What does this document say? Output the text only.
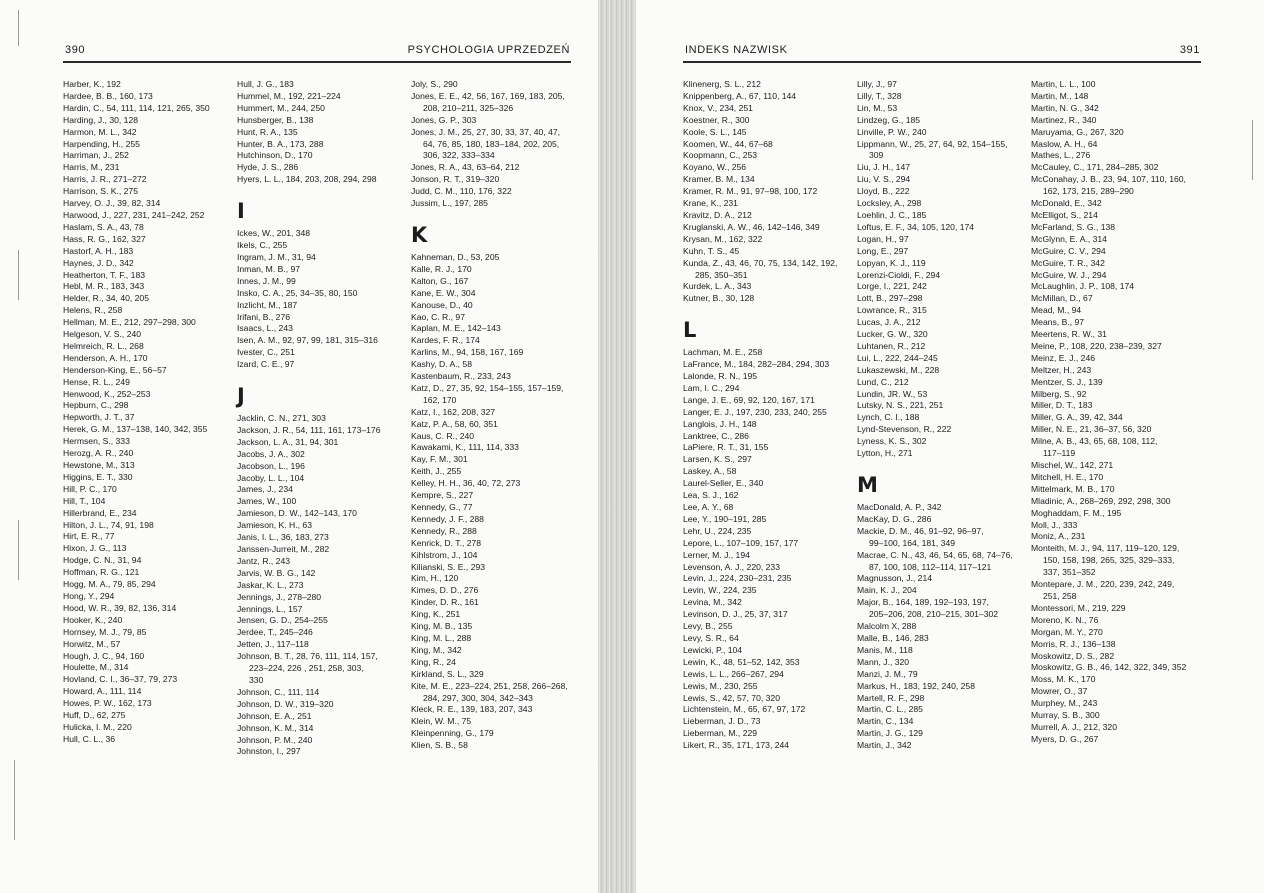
390	PSYCHOLOGIA UPRZEDZEŃ	INDEKS NAZWISK	391
Harber, K., 192
Hardee, B. B., 160, 173
Hardin, C., 54, 111, 114, 121, 265, 350
Harding, J., 30, 128
Harmon, M. L., 342
Harpending, H., 255
Harriman, J., 252
Harris, M., 231
Harris, J. R., 271–272
Harrison, S. K., 275
Harvey, O. J., 39, 82, 314
Harwood, J., 227, 231, 241–242, 252
Haslam, S. A., 43, 78
Hass, R. G., 162, 327
Hastorf, A. H., 183
Haynes, J. D., 342
Heatherton, T. F., 183
Hebl, M. R., 183, 343
Helder, R., 34, 40, 205
Helens, R., 258
Hellman, M. E., 212, 297–298, 300
Helgeson, V. S., 240
Helmreich, R. L., 268
Henderson, A. H., 170
Henderson-King, E., 56–57
Hense, R. L., 249
Henwood, K., 252–253
Hepburn, C., 298
Hepworth, J. T., 37
Herek, G. M., 137–138, 140, 342, 355
Hermsen, S., 333
Herozg, A. R., 240
Hewstone, M., 313
Higgins, E. T., 330
Hill, P. C., 170
Hill, T., 104
Hillerbrand, E., 234
Hilton, J. L., 74, 91, 198
Hirt, E. R., 77
Hixon, J. G., 113
Hodge, C. N., 31, 94
Hoffman, R. G., 121
Hogg, M. A., 79, 85, 294
Hong, Y., 294
Hood, W. R., 39, 82, 136, 314
Hooker, K., 240
Hornsey, M. J., 79, 85
Horwitz, M., 57
Hough, J. C., 94, 160
Houlette, M., 314
Hovland, C. I., 36–37, 79, 273
Howard, A., 111, 114
Howes, P. W., 162, 173
Huff, D., 62, 275
Hulicka, I. M., 220
Hull, C. L., 36
Hull, J. G., 183
Hummel, M., 192, 221–224
Hummert, M., 244, 250
Hunsberger, B., 138
Hunt, R. A., 135
Hunter, B. A., 173, 288
Hutchinson, D., 170
Hyde, J. S., 286
Hyers, L. L., 184, 203, 208, 294, 298
I
Ickes, W., 201, 348
Ikels, C., 255
Ingram, J. M., 31, 94
Inman, M. B., 97
Innes, J. M., 99
Insko, C. A., 25, 34–35, 80, 150
Inzlicht, M., 187
Irifani, B., 276
Isaacs, L., 243
Isen, A. M., 92, 97, 99, 181, 315–316
Ivester, C., 251
Izard, C. E., 97
J
Jacklin, C. N., 271, 303
Jackson, J. R., 54, 111, 161, 173–176
Jackson, L. A., 31, 94, 301
Jacobs, J. A., 302
Jacobson, L., 196
Jacoby, L. L., 104
James, J., 234
James, W., 100
Jamieson, D. W., 142–143, 170
Jamieson, K. H., 63
Janis, I. L., 36, 183, 273
Janssen-Jurreit, M., 282
Jantz, R., 243
Jarvis, W. B. G., 142
Jaskar, K. L., 273
Jennings, J., 278–280
Jennings, L., 157
Jensen, G. D., 254–255
Jerdee, T., 245–246
Jetten, J., 117–118
Johnson, B. T., 28, 76, 111, 114, 157,
223–224, 226 , 251, 258, 303,
330
Johnson, C., 111, 114
Johnson, D. W., 319–320
Johnson, E. A., 251
Johnson, K. M., 314
Johnson, P. M., 240
Johnston, I., 297
Joly, S., 290
Jones, E. E., 42, 56, 167, 169, 183, 205,
208, 210–211, 325–326
Jones, G. P., 303
Jones, J. M., 25, 27, 30, 33, 37, 40, 47,
64, 76, 85, 180, 183–184, 202, 205,
306, 322, 333–334
Jones, R. A., 43, 63–64, 212
Jonson, R. T., 319–320
Judd, C. M., 110, 176, 322
Jussim, L., 197, 285
K
Kahneman, D., 53, 205
Kalle, R. J., 170
Kalton, G., 167
Kane, E. W., 304
Kanouse, D., 40
Kao, C. R., 97
Kaplan, M. E., 142–143
Kardes, F. R., 174
Karlins, M., 94, 158, 167, 169
Kashy, D. A., 58
Kastenbaum, R., 233, 243
Katz, D., 27, 35, 92, 154–155, 157–159,
162, 170
Katz, I., 162, 208, 327
Katz, P. A., 58, 60, 351
Kaus, C. R., 240
Kawakami, K., 111, 114, 333
Kay, F. M., 301
Keith, J., 255
Kelley, H. H., 36, 40, 72, 273
Kempre, S., 227
Kennedy, G., 77
Kennedy, J. F., 288
Kennedy, R., 288
Kenrick, D. T., 278
Kihlstrom, J., 104
Kilianski, S. E., 293
Kim, H., 120
Kimes, D. D., 276
Kinder, D. R., 161
King, K., 251
King, M. B., 135
King, M. L., 288
King, M., 342
King, R., 24
Kirkland, S. L., 329
Kite, M. E., 223–224, 251, 258, 266–268,
284, 297, 300, 304, 342–343
Kleck, R. E., 139, 183, 207, 343
Klein, W. M., 75
Kleinpenning, G., 179
Klien, S. B., 58
Klinenerg, S. L., 212
Knippenberg, A., 67, 110, 144
Knox, V., 234, 251
Koestner, R., 300
Koole, S. L., 145
Koomen, W., 44, 67–68
Koopmann, C., 253
Koyano, W., 256
Kramer, B. M., 134
Kramer, R. M., 91, 97–98, 100, 172
Krane, K., 231
Kravitz, D. A., 212
Kruglanski, A. W., 46, 142–146, 349
Krysan, M., 162, 322
Kuhn, T. S., 45
Kunda, Z., 43, 46, 70, 75, 134, 142, 192,
285, 350–351
Kurdek, L. A., 343
Kutner, B., 30, 128
L
Lachman, M. E., 258
LaFrance, M., 184, 282–284, 294, 303
Lalonde, R. N., 195
Lam, I. C., 294
Lange, J. E., 69, 92, 120, 167, 171
Langer, E. J., 197, 230, 233, 240, 255
Langlois, J. H., 148
Lanktree, C., 286
LaPiere, R. T., 31, 155
Larsen, K. S., 297
Laskey, A., 58
Laurel-Seller, E., 340
Lea, S. J., 162
Lee, A. Y., 68
Lee, Y., 190–191, 285
Lehr, U., 224, 235
Lepore, L., 107–109, 157, 177
Lerner, M. J., 194
Levenson, A. J., 220, 233
Levin, J., 224, 230–231, 235
Levin, W., 224, 235
Levina, M., 342
Levinson, D. J., 25, 37, 317
Levy, B., 255
Levy, S. R., 64
Lewicki, P., 104
Lewin, K., 48, 51–52, 142, 353
Lewis, L. L., 266–267, 294
Lewis, M., 230, 255
Lewis, S., 42, 57, 70, 320
Lichtenstein, M., 65, 67, 97, 172
Lieberman, J. D., 73
Lieberman, M., 229
Likert, R., 35, 171, 173, 244
Lilly, J., 97
Lilly, T., 328
Lin, M., 53
Lindzeg, G., 185
Linville, P. W., 240
Lippmann, W., 25, 27, 64, 92, 154–155,
309
Liu, J. H., 147
Liu, V. S., 294
Lloyd, B., 222
Locksley, A., 298
Loehlin, J. C., 185
Loftus, E. F., 34, 105, 120, 174
Logan, H., 97
Long, E., 297
Lopyan, K. J., 119
Lorenzi-Cioldi, F., 294
Lorge, I., 221, 242
Lott, B., 297–298
Lowrance, R., 315
Lucas, J. A., 212
Lucker, G. W., 320
Luhtanen, R., 212
Lui, L., 222, 244–245
Lukaszewski, M., 228
Lund, C., 212
Lundin, JR. W., 53
Lutsky, N. S., 221, 251
Lynch, C. I., 188
Lynd-Stevenson, R., 222
Lyness, K. S., 302
Lytton, H., 271
M
MacDonald, A. P., 342
MacKay, D. G., 286
Mackie, D. M., 46, 91–92, 96–97,
99–100, 164, 181, 349
Macrae, C. N., 43, 46, 54, 65, 68, 74–76,
87, 100, 108, 112–114, 117–121
Magnusson, J., 214
Main, K. J., 204
Major, B., 164, 189, 192–193, 197,
205–206, 208, 210–215, 301–302
Malcolm X, 288
Malle, B., 146, 283
Manis, M., 118
Mann, J., 320
Manzi, J. M., 79
Markus, H., 183, 192, 240, 258
Martell, R. F., 298
Martin, C. L., 285
Martin, C., 134
Martin, J. G., 129
Martin, J., 342
Martin, L. L., 100
Martin, M., 148
Martin, N. G., 342
Martinez, R., 340
Maruyama, G., 267, 320
Maslow, A. H., 64
Mathes, L., 276
McCauley, C., 171, 284–285, 302
McConahay, J. B., 23, 94, 107, 110, 160,
162, 173, 215, 289–290
McDonald, E., 342
McElligot, S., 214
McFarland, S. G., 138
McGlynn, E. A., 314
McGuire, C. V., 294
McGuire, T. R., 342
McGuire, W. J., 294
McLaughlin, J. P., 108, 174
McMillan, D., 67
Mead, M., 94
Means, B., 97
Meertens, R. W., 31
Meine, P., 108, 220, 238–239, 327
Meinz, E. J., 246
Meltzer, H., 243
Mentzer, S. J., 139
Milberg, S., 92
Miller, D. T., 183
Miller, G. A., 39, 42, 344
Miller, N. E., 21, 36–37, 56, 320
Milne, A. B., 43, 65, 68, 108, 112,
117–119
Mischel, W., 142, 271
Mitchell, H. E., 170
Mittelmark, M. B., 170
Mladinic, A., 268–269, 292, 298, 300
Moghaddam, F. M., 195
Moll, J., 333
Moniz, A., 231
Monteith, M. J., 94, 117, 119–120, 129,
150, 158, 198, 265, 325, 329–333,
337, 351–352
Montepare, J. M., 220, 239, 242, 249,
251, 258
Montessori, M., 219, 229
Moreno, K. N., 76
Morgan, M. Y., 270
Morris, R. J., 136–138
Moskowitz, D. S., 282
Moskowitz, G. B., 46, 142, 322, 349, 352
Moss, M. K., 170
Mowrer, O., 37
Murphey, M., 243
Murray, S. B., 300
Murrell, A. J., 212, 320
Myers, D. G., 267
